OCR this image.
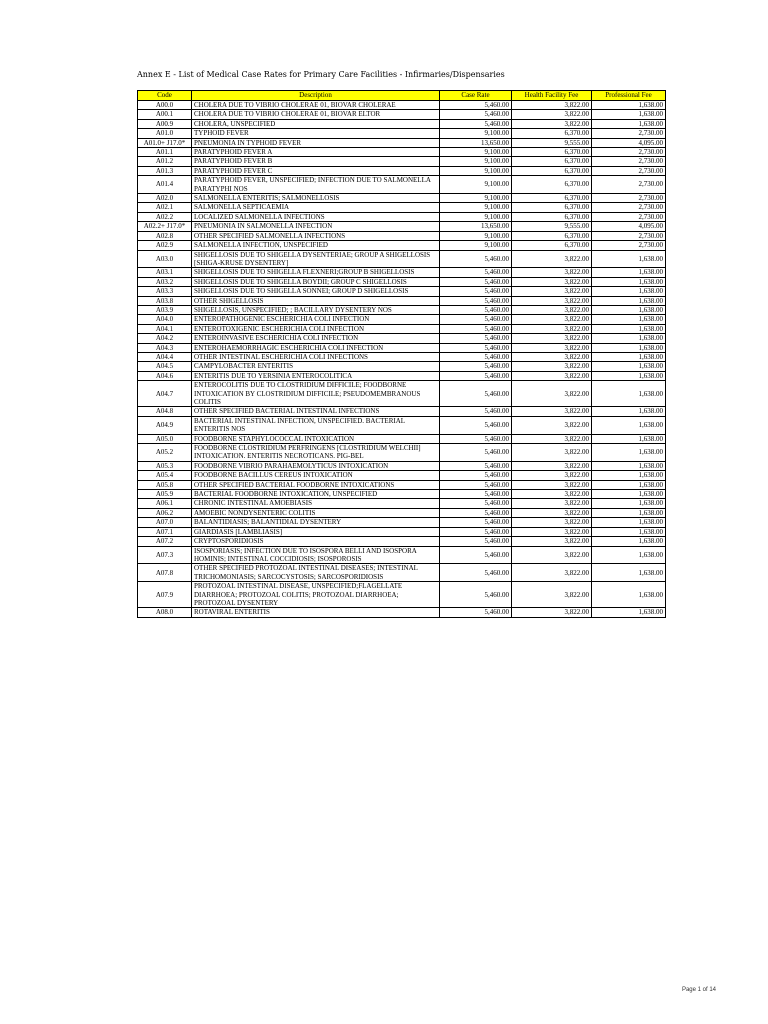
Annex E - List of Medical Case Rates for Primary Care Facilities - Infirmaries/Dispensaries
Code	Description	Case Rate	Health Facility Fee	Professional Fee
A00.0	CHOLERA DUE TO VIBRIO CHOLERAE 01, BIOVAR CHOLERAE	5,460.00	3,822.00	1,638.00
A00.1	CHOLERA DUE TO VIBRIO CHOLERAE 01, BIOVAR ELTOR	5,460.00	3,822.00	1,638.00
A00.9	CHOLERA, UNSPECIFIED	5,460.00	3,822.00	1,638.00
A01.0	TYPHOID FEVER	9,100.00	6,370.00	2,730.00
A01.0+ J17.0*	PNEUMONIA IN TYPHOID FEVER	13,650.00	9,555.00	4,095.00
A01.1	PARATYPHOID FEVER A	9,100.00	6,370.00	2,730.00
A01.2	PARATYPHOID FEVER B	9,100.00	6,370.00	2,730.00
A01.3	PARATYPHOID FEVER C	9,100.00	6,370.00	2,730.00
A01.4	PARATYPHOID FEVER, UNSPECIFIED; INFECTION DUE TO SALMONELLA PARATYPHI NOS	9,100.00	6,370.00	2,730.00
A02.0	SALMONELLA ENTERITIS; SALMONELLOSIS	9,100.00	6,370.00	2,730.00
A02.1	SALMONELLA SEPTICAEMIA	9,100.00	6,370.00	2,730.00
A02.2	LOCALIZED SALMONELLA INFECTIONS	9,100.00	6,370.00	2,730.00
A02.2+ J17.0*	PNEUMONIA IN SALMONELLA INFECTION	13,650.00	9,555.00	4,095.00
A02.8	OTHER SPECIFIED SALMONELLA INFECTIONS	9,100.00	6,370.00	2,730.00
A02.9	SALMONELLA INFECTION, UNSPECIFIED	9,100.00	6,370.00	2,730.00
A03.0	SHIGELLOSIS DUE TO SHIGELLA DYSENTERIAE; GROUP A SHIGELLOSIS [SHIGA-KRUSE DYSENTERY]	5,460.00	3,822.00	1,638.00
A03.1	SHIGELLOSIS DUE TO SHIGELLA FLEXNERI;GROUP B SHIGELLOSIS	5,460.00	3,822.00	1,638.00
A03.2	SHIGELLOSIS DUE TO SHIGELLA BOYDII; GROUP C SHIGELLOSIS	5,460.00	3,822.00	1,638.00
A03.3	SHIGELLOSIS DUE TO SHIGELLA SONNEI; GROUP D SHIGELLOSIS	5,460.00	3,822.00	1,638.00
A03.8	OTHER SHIGELLOSIS	5,460.00	3,822.00	1,638.00
A03.9	SHIGELLOSIS, UNSPECIFIED; ; BACILLARY DYSENTERY NOS	5,460.00	3,822.00	1,638.00
A04.0	ENTEROPATHOGENIC ESCHERICHIA COLI INFECTION	5,460.00	3,822.00	1,638.00
A04.1	ENTEROTOXIGENIC ESCHERICHIA COLI INFECTION	5,460.00	3,822.00	1,638.00
A04.2	ENTEROINVASIVE ESCHERICHIA COLI INFECTION	5,460.00	3,822.00	1,638.00
A04.3	ENTEROHAEMORRHAGIC ESCHERICHIA COLI INFECTION	5,460.00	3,822.00	1,638.00
A04.4	OTHER INTESTINAL ESCHERICHIA COLI INFECTIONS	5,460.00	3,822.00	1,638.00
A04.5	CAMPYLOBACTER ENTERITIS	5,460.00	3,822.00	1,638.00
A04.6	ENTERITIS DUE TO YERSINIA ENTEROCOLITICA	5,460.00	3,822.00	1,638.00
A04.7	ENTEROCOLITIS DUE TO CLOSTRIDIUM DIFFICILE; FOODBORNE INTOXICATION BY CLOSTRIDIUM DIFFICILE; PSEUDOMEMBRANOUS COLITIS	5,460.00	3,822.00	1,638.00
A04.8	OTHER SPECIFIED BACTERIAL INTESTINAL INFECTIONS	5,460.00	3,822.00	1,638.00
A04.9	BACTERIAL INTESTINAL INFECTION, UNSPECIFIED. BACTERIAL ENTERITIS NOS	5,460.00	3,822.00	1,638.00
A05.0	FOODBORNE STAPHYLOCOCCAL INTOXICATION	5,460.00	3,822.00	1,638.00
A05.2	FOODBORNE CLOSTRIDIUM PERFRINGENS [CLOSTRIDIUM WELCHII] INTOXICATION. ENTERITIS NECROTICANS. PIG-BEL	5,460.00	3,822.00	1,638.00
A05.3	FOODBORNE VIBRIO PARAHAEMOLYTICUS INTOXICATION	5,460.00	3,822.00	1,638.00
A05.4	FOODBORNE BACILLUS CEREUS INTOXICATION	5,460.00	3,822.00	1,638.00
A05.8	OTHER SPECIFIED BACTERIAL FOODBORNE INTOXICATIONS	5,460.00	3,822.00	1,638.00
A05.9	BACTERIAL FOODBORNE INTOXICATION, UNSPECIFIED	5,460.00	3,822.00	1,638.00
A06.1	CHRONIC INTESTINAL AMOEBIASIS	5,460.00	3,822.00	1,638.00
A06.2	AMOEBIC NONDYSENTERIC COLITIS	5,460.00	3,822.00	1,638.00
A07.0	BALANTIDIASIS; BALANTIDIAL DYSENTERY	5,460.00	3,822.00	1,638.00
A07.1	GIARDIASIS [LAMBLIASIS]	5,460.00	3,822.00	1,638.00
A07.2	CRYPTOSPORIDIOSIS	5,460.00	3,822.00	1,638.00
A07.3	ISOSPORIASIS; INFECTION DUE TO ISOSPORA BELLI AND ISOSPORA HOMINIS; INTESTINAL COCCIDIOSIS; ISOSPOROSIS	5,460.00	3,822.00	1,638.00
A07.8	OTHER SPECIFIED PROTOZOAL INTESTINAL DISEASES; INTESTINAL TRICHOMONIASIS; SARCOCYSTOSIS; SARCOSPORIDIOSIS	5,460.00	3,822.00	1,638.00
A07.9	PROTOZOAL INTESTINAL DISEASE, UNSPECIFIED;FLAGELLATE DIARRHOEA; PROTOZOAL COLITIS; PROTOZOAL DIARRHOEA; PROTOZOAL DYSENTERY	5,460.00	3,822.00	1,638.00
A08.0	ROTAVIRAL ENTERITIS	5,460.00	3,822.00	1,638.00
Page 1 of 14
